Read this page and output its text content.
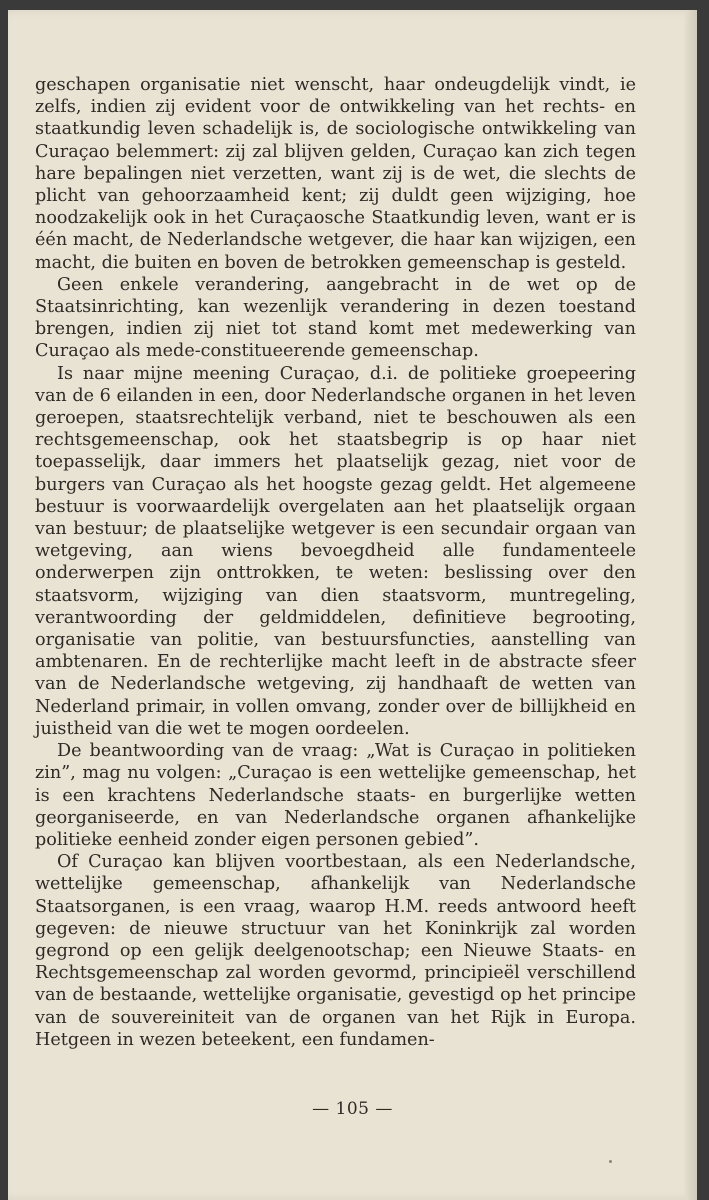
geschapen organisatie niet wenscht, haar ondeugdelijk vindt, ie zelfs, indien zij evident voor de ontwikkeling van het rechts- en staatkundig leven schadelijk is, de sociologische ontwikkeling van Curaçao belemmert: zij zal blijven gelden, Curaçao kan zich tegen hare bepalingen niet verzetten, want zij is de wet, die slechts de plicht van gehoorzaamheid kent; zij duldt geen wijziging, hoe noodzakelijk ook in het Curaçaosche Staatkundig leven, want er is één macht, de Nederlandsche wetgever, die haar kan wijzigen, een macht, die buiten en boven de betrokken gemeenschap is gesteld.

Geen enkele verandering, aangebracht in de wet op de Staatsinrichting, kan wezenlijk verandering in dezen toestand brengen, indien zij niet tot stand komt met medewerking van Curaçao als mede-constitueerende gemeenschap.

Is naar mijne meening Curaçao, d.i. de politieke groepeering van de 6 eilanden in een, door Nederlandsche organen in het leven geroepen, staatsrechtelijk verband, niet te beschouwen als een rechtsgemeenschap, ook het staatsbegrip is op haar niet toepasselijk, daar immers het plaatselijk gezag, niet voor de burgers van Curaçao als het hoogste gezag geldt. Het algemeene bestuur is voorwaardelijk overgelaten aan het plaatselijk orgaan van bestuur; de plaatselijke wetgever is een secundair orgaan van wetgeving, aan wiens bevoegdheid alle fundamenteele onderwerpen zijn onttrokken, te weten: beslissing over den staatsvorm, wijziging van dien staatsvorm, muntregeling, verantwoording der geldmiddelen, definitieve begrooting, organisatie van politie, van bestuursfuncties, aanstelling van ambtenaren. En de rechterlijke macht leeft in de abstracte sfeer van de Nederlandsche wetgeving, zij handhaaft de wetten van Nederland primair, in vollen omvang, zonder over de billijkheid en juistheid van die wet te mogen oordeelen.

De beantwoording van de vraag: „Wat is Curaçao in politieken zin”, mag nu volgen: „Curaçao is een wettelijke gemeenschap, het is een krachtens Nederlandsche staats- en burgerlijke wetten georganiseerde, en van Nederlandsche organen afhankelijke politieke eenheid zonder eigen personen gebied”.

Of Curaçao kan blijven voortbestaan, als een Nederlandsche, wettelijke gemeenschap, afhankelijk van Nederlandsche Staatsorganen, is een vraag, waarop H.M. reeds antwoord heeft gegeven: de nieuwe structuur van het Koninkrijk zal worden gegrond op een gelijk deelgenootschap; een Nieuwe Staats- en Rechtsgemeenschap zal worden gevormd, principieël verschillend van de bestaande, wettelijke organisatie, gevestigd op het principe van de souvereiniteit van de organen van het Rijk in Europa. Hetgeen in wezen beteekent, een fundamen-

— 105 —
